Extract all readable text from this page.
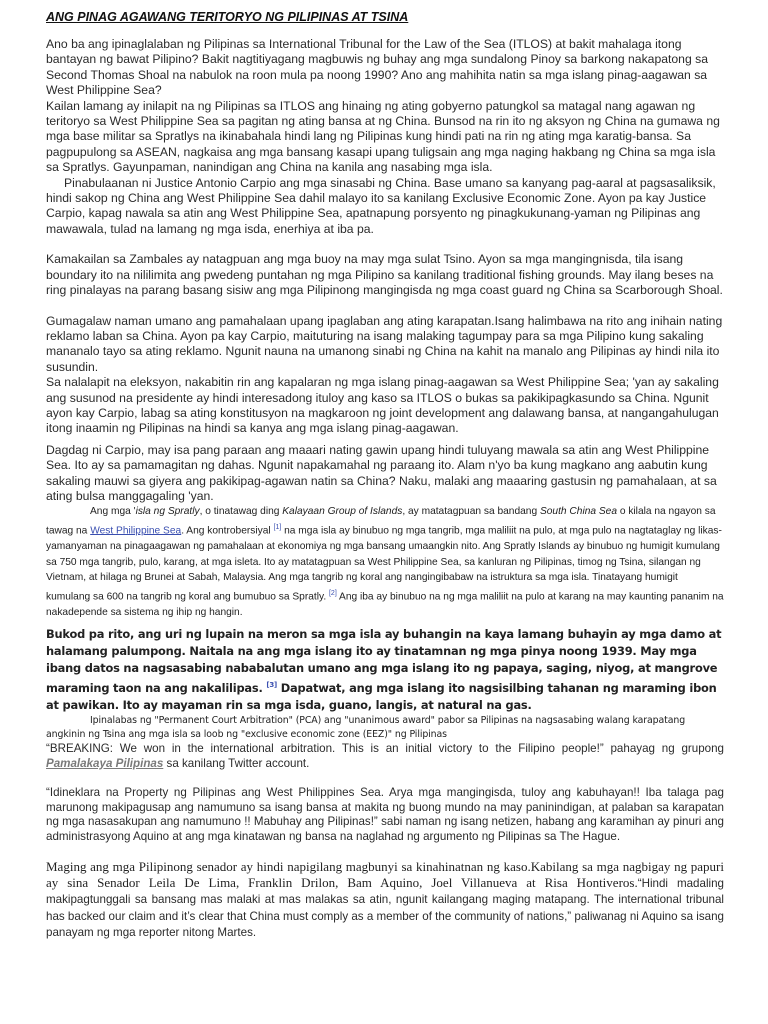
ANG PINAG AGAWANG TERITORYO NG PILIPINAS AT TSINA

Ano ba ang ipinaglalaban ng Pilipinas sa International Tribunal for the Law of the Sea (ITLOS) at bakit mahalaga itong bantayan ng bawat Pilipino? Bakit nagtitiyagang magbuwis ng buhay ang mga sundalong Pinoy sa barkong nakapatong sa Second Thomas Shoal na nabulok na roon mula pa noong 1990? Ano ang mahihita natin sa mga islang pinag-aagawan sa West Philippine Sea?

Kailan lamang ay inilapit na ng Pilipinas sa ITLOS ang hinaing ng ating gobyerno patungkol sa matagal nang agawan ng teritoryo sa West Philippine Sea sa pagitan ng ating bansa at ng China. Bunsod na rin ito ng aksyon ng China na gumawa ng mga base militar sa Spratlys na ikinabahala hindi lang ng Pilipinas kung hindi pati na rin ng ating mga karatig-bansa. Sa pagpupulong sa ASEAN, nagkaisa ang mga bansang kasapi upang tuligsain ang mga naging hakbang ng China sa mga isla sa Spratlys. Gayunpaman, nanindigan ang China na kanila ang nasabing mga isla.

Pinabulaanan ni Justice Antonio Carpio ang mga sinasabi ng China. Base umano sa kanyang pag-aaral at pagsasaliksik, hindi sakop ng China ang West Philippine Sea dahil malayo ito sa kanilang Exclusive Economic Zone. Ayon pa kay Justice Carpio, kapag nawala sa atin ang West Philippine Sea, apatnapung porsyento ng pinagkukunang-yaman ng Pilipinas ang mawawala, tulad na lamang ng mga isda, enerhiya at iba pa.

Kamakailan sa Zambales ay natagpuan ang mga buoy na may mga sulat Tsino. Ayon sa mga mangingnisda, tila isang boundary ito na nililimita ang pwedeng puntahan ng mga Pilipino sa kanilang traditional fishing grounds. May ilang beses na ring pinalayas na parang basang sisiw ang mga Pilipinong mangingisda ng mga coast guard ng China sa Scarborough Shoal.

Gumagalaw naman umano ang pamahalaan upang ipaglaban ang ating karapatan.Isang halimbawa na rito ang inihain nating reklamo laban sa China. Ayon pa kay Carpio, maituturing na isang malaking tagumpay para sa mga Pilipino kung sakaling mananalo tayo sa ating reklamo. Ngunit nauna na umanong sinabi ng China na kahit na manalo ang Pilipinas ay hindi nila ito susundin.

Sa nalalapit na eleksyon, nakabitin rin ang kapalaran ng mga islang pinag-aagawan sa West Philippine Sea; 'yan ay sakaling ang susunod na presidente ay hindi interesadong ituloy ang kaso sa ITLOS o bukas sa pakikipagkasundo sa China. Ngunit ayon kay Carpio, labag sa ating konstitusyon na magkaroon ng joint development ang dalawang bansa, at nangangahulugan itong inaamin ng Pilipinas na hindi sa kanya ang mga islang pinag-aagawan.

Dagdag ni Carpio, may isa pang paraan ang maaari nating gawin upang hindi tuluyang mawala sa atin ang West Philippine Sea. Ito ay sa pamamagitan ng dahas. Ngunit napakamahal ng paraang ito. Alam n'yo ba kung magkano ang aabutin kung sakaling mauwi sa giyera ang pakikipag-agawan natin sa China? Naku, malaki ang maaaring gastusin ng pamahalaan, at sa ating bulsa manggagaling 'yan.

Ang mga 'isla ng Spratly, o tinatawag ding Kalayaan Group of Islands, ay matatagpuan sa bandang South China Sea o kilala na ngayon sa tawag na West Philippine Sea. Ang kontrobersiyal [1] na mga isla ay binubuo ng mga tangrib, mga maliliit na pulo, at mga pulo na nagtataglay ng likas-yamanyaman na pinagaagawan ng pamahalaan at ekonomiya ng mga bansang umaangkin nito. Ang Spratly Islands ay binubuo ng humigit kumulang sa 750 mga tangrib, pulo, karang, at mga isleta. Ito ay matatagpuan sa West Philippine Sea, sa kanluran ng Pilipinas, timog ng Tsina, silangan ng Vietnam, at hilaga ng Brunei at Sabah, Malaysia. Ang mga tangrib ng koral ang nangingibabaw na istruktura sa mga isla. Tinatayang humigit kumulang sa 600 na tangrib ng koral ang bumubuo sa Spratly. [2] Ang iba ay binubuo na ng mga maliliit na pulo at karang na may kaunting pananim na nakadepende sa sistema ng ihip ng hangin.

Bukod pa rito, ang uri ng lupain na meron sa mga isla ay buhangin na kaya lamang buhayin ay mga damo at halamang palumpong. Naitala na ang mga islang ito ay tinatamnan ng mga pinya noong 1939. May mga ibang datos na nagsasabing nababalutan umano ang mga islang ito ng papaya, saging, niyog, at mangrove maraming taon na ang nakalilipas. [3] Dapatwat, ang mga islang ito nagsisilbing tahanan ng maraming ibon at pawikan. Ito ay mayaman rin sa mga isda, guano, langis, at natural na gas.

Ipinalabas ng "Permanent Court Arbitration" (PCA) ang "unanimous award" pabor sa Pilipinas na nagsasabing walang karapatang angkinin ng Tsina ang mga isla sa loob ng "exclusive economic zone (EEZ)" ng Pilipinas

“BREAKING: We won in the international arbitration. This is an initial victory to the Filipino people!” pahayag ng grupong Pamalakaya Pilipinas sa kanilang Twitter account.

“Idineklara na Property ng Pilipinas ang West Philippines Sea. Arya mga mangingisda, tuloy ang kabuhayan!! Iba talaga pag marunong makipagusap ang namumuno sa isang bansa at makita ng buong mundo na may paninindigan, at palaban sa karapatan ng mga nasasakupan ang namumuno !! Mabuhay ang Pilipinas!” sabi naman ng isang netizen, habang ang karamihan ay pinuri ang administrasyong Aquino at ang mga kinatawan ng bansa na naglahad ng argumento ng Pilipinas sa The Hague.

Maging ang mga Pilipinong senador ay hindi napigilang magbunyi sa kinahinatnan ng kaso.Kabilang sa mga nagbigay ng papuri ay sina Senador Leila De Lima, Franklin Drilon, Bam Aquino, Joel Villanueva at Risa Hontiveros.“Hindi madaling makipagtunggali sa bansang mas malaki at mas malakas sa atin, ngunit kailangang maging matapang. The international tribunal has backed our claim and it’s clear that China must comply as a member of the community of nations,” paliwanag ni Aquino sa isang panayam ng mga reporter nitong Martes.
